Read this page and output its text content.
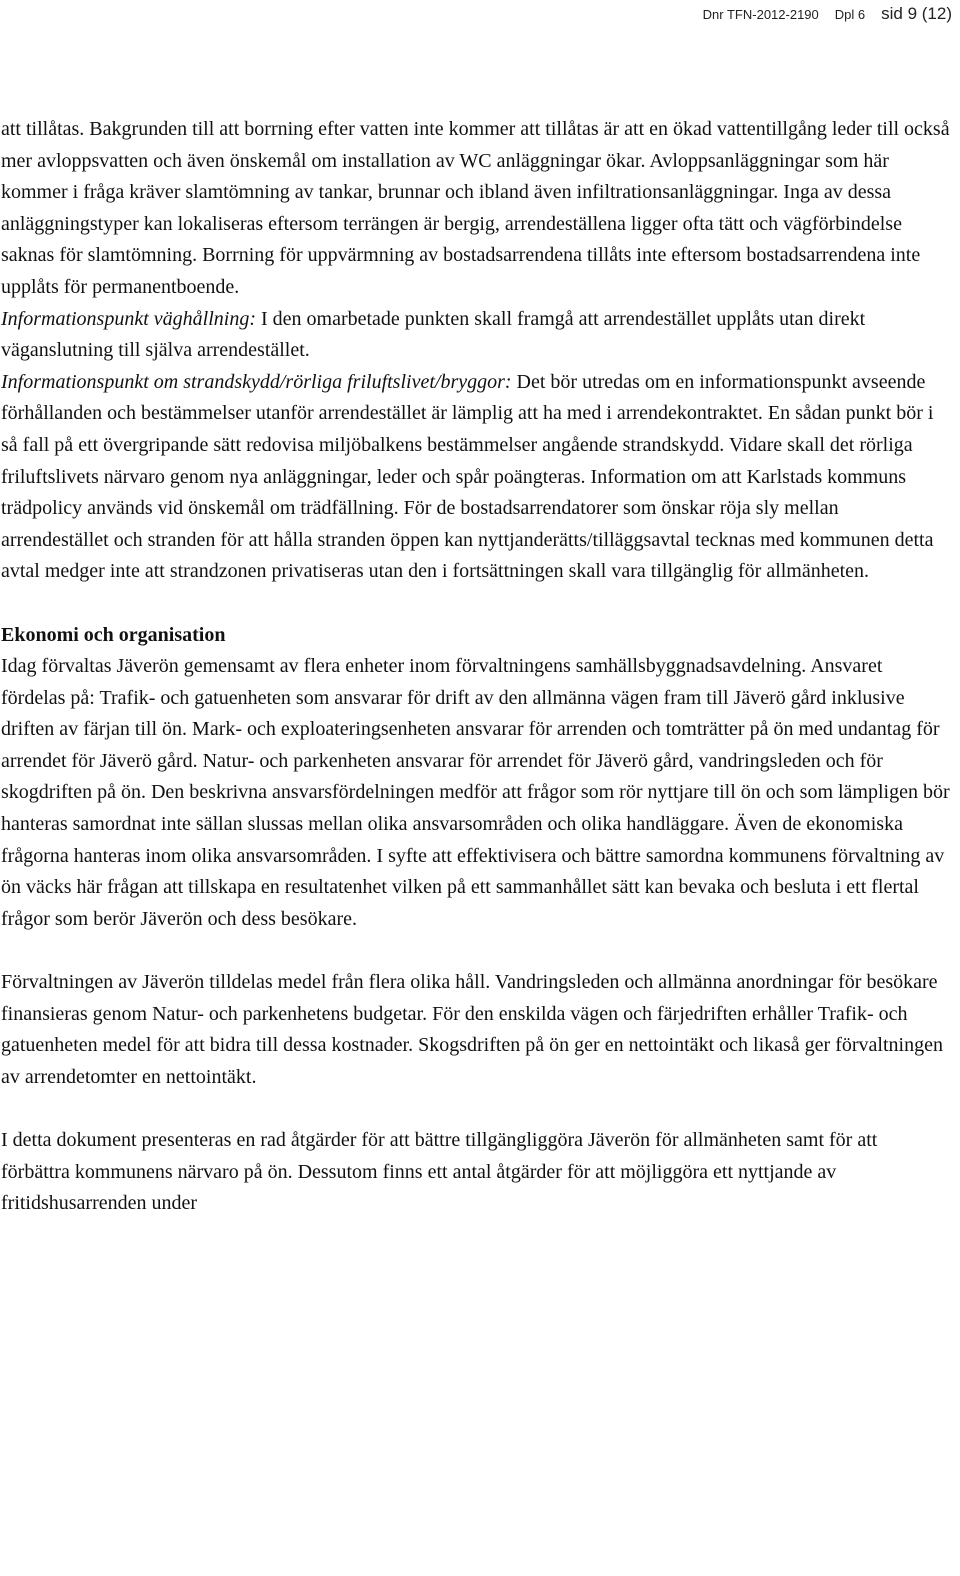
Dnr TFN-2012-2190 Dpl 6 sid 9 (12)

att tillåtas. Bakgrunden till att borrning efter vatten inte kommer att tillåtas är att en ökad vattentillgång leder till också mer avloppsvatten och även önskemål om installation av WC anläggningar ökar. Avloppsanläggningar som här kommer i fråga kräver slamtömning av tankar, brunnar och ibland även infiltrationsanläggningar. Inga av dessa anläggningstyper kan lokaliseras eftersom terrängen är bergig, arrendeställena ligger ofta tätt och vägförbindelse saknas för slamtömning. Borrning för uppvärmning av bostadsarrendena tillåts inte eftersom bostadsarrendena inte upplåts för permanentboende.

Informationspunkt väghållning: I den omarbetade punkten skall framgå att arrendestället upplåts utan direkt väganslutning till själva arrendestället.

Informationspunkt om strandskydd/rörliga friluftslivet/bryggor: Det bör utredas om en informationspunkt avseende förhållanden och bestämmelser utanför arrendestället är lämplig att ha med i arrendekontraktet. En sådan punkt bör i så fall på ett övergripande sätt redovisa miljöbalkens bestämmelser angående strandskydd. Vidare skall det rörliga friluftslivets närvaro genom nya anläggningar, leder och spår poängteras. Information om att Karlstads kommuns trädpolicy används vid önskemål om trädfällning. För de bostadsarrendatorer som önskar röja sly mellan arrendestället och stranden för att hålla stranden öppen kan nyttjanderätts/tilläggsavtal tecknas med kommunen detta avtal medger inte att strandzonen privatiseras utan den i fortsättningen skall vara tillgänglig för allmänheten.

Ekonomi och organisation

Idag förvaltas Jäverön gemensamt av flera enheter inom förvaltningens samhällsbyggnadsavdelning. Ansvaret fördelas på: Trafik- och gatuenheten som ansvarar för drift av den allmänna vägen fram till Jäverö gård inklusive driften av färjan till ön. Mark- och exploateringsenheten ansvarar för arrenden och tomträtter på ön med undantag för arrendet för Jäverö gård. Natur- och parkenheten ansvarar för arrendet för Jäverö gård, vandringsleden och för skogdriften på ön. Den beskrivna ansvarsfördelningen medför att frågor som rör nyttjare till ön och som lämpligen bör hanteras samordnat inte sällan slussas mellan olika ansvarsområden och olika handläggare. Även de ekonomiska frågorna hanteras inom olika ansvarsområden. I syfte att effektivisera och bättre samordna kommunens förvaltning av ön väcks här frågan att tillskapa en resultatenhet vilken på ett sammanhållet sätt kan bevaka och besluta i ett flertal frågor som berör Jäverön och dess besökare.

Förvaltningen av Jäverön tilldelas medel från flera olika håll. Vandringsleden och allmänna anordningar för besökare finansieras genom Natur- och parkenhetens budgetar. För den enskilda vägen och färjedriften erhåller Trafik- och gatuenheten medel för att bidra till dessa kostnader. Skogsdriften på ön ger en nettointäkt och likaså ger förvaltningen av arrendetomter en nettointäkt.

I detta dokument presenteras en rad åtgärder för att bättre tillgängliggöra Jäverön för allmänheten samt för att förbättra kommunens närvaro på ön. Dessutom finns ett antal åtgärder för att möjliggöra ett nyttjande av fritidshusarrenden under
